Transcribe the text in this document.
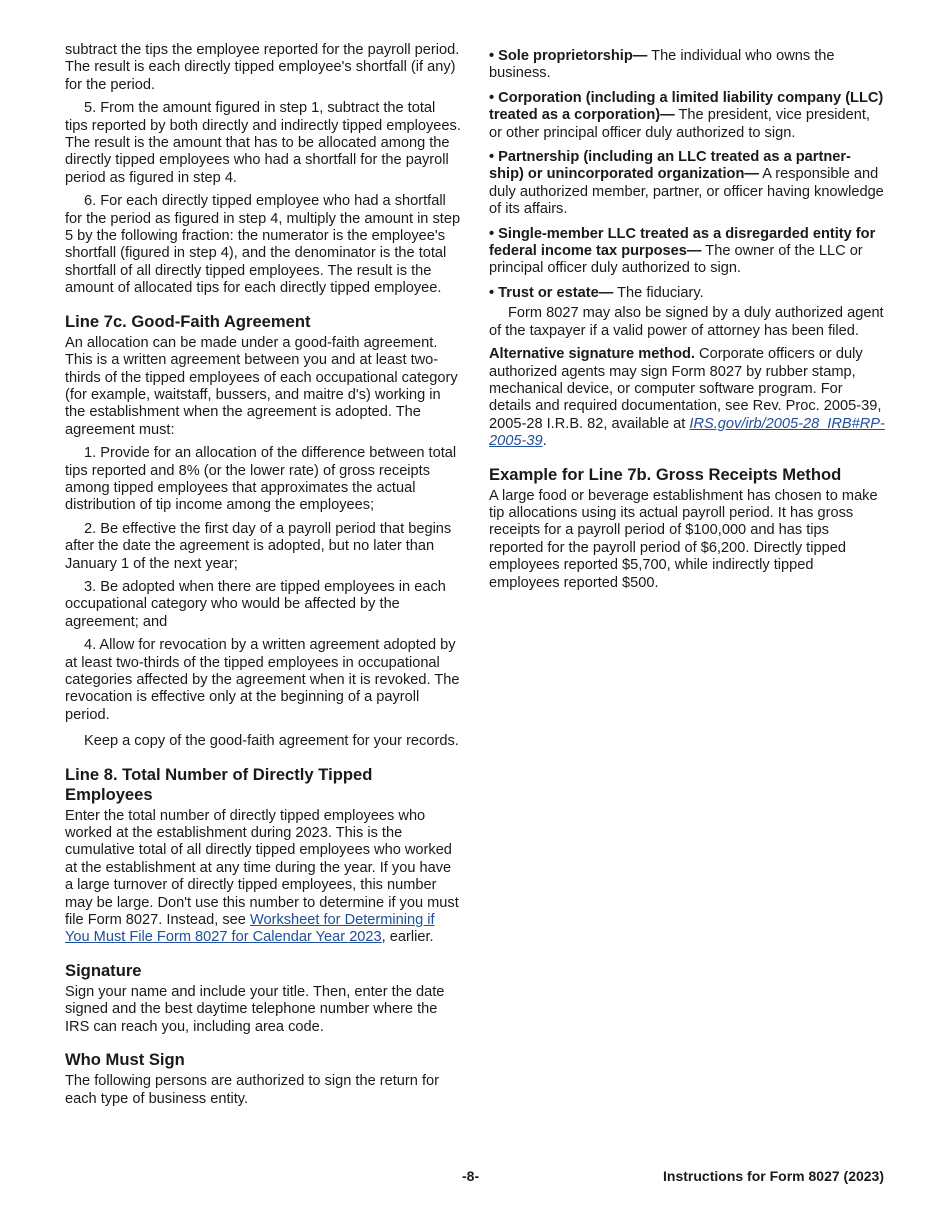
subtract the tips the employee reported for the payroll period. The result is each directly tipped employee's shortfall (if any) for the period.

5. From the amount figured in step 1, subtract the total tips reported by both directly and indirectly tipped employees. The result is the amount that has to be allocated among the directly tipped employees who had a shortfall for the payroll period as figured in step 4.

6. For each directly tipped employee who had a shortfall for the period as figured in step 4, multiply the amount in step 5 by the following fraction: the numerator is the employee's shortfall (figured in step 4), and the denominator is the total shortfall of all directly tipped employees. The result is the amount of allocated tips for each directly tipped employee.

Line 7c. Good-Faith Agreement

An allocation can be made under a good-faith agreement. This is a written agreement between you and at least two-thirds of the tipped employees of each occupational category (for example, waitstaff, bussers, and maitre d's) working in the establishment when the agreement is adopted. The agreement must:

1. Provide for an allocation of the difference between total tips reported and 8% (or the lower rate) of gross receipts among tipped employees that approximates the actual distribution of tip income among the employees;

2. Be effective the first day of a payroll period that begins after the date the agreement is adopted, but no later than January 1 of the next year;

3. Be adopted when there are tipped employees in each occupational category who would be affected by the agreement; and

4. Allow for revocation by a written agreement adopted by at least two-thirds of the tipped employees in occupational categories affected by the agreement when it is revoked. The revocation is effective only at the beginning of a payroll period.

Keep a copy of the good-faith agreement for your records.

Line 8. Total Number of Directly Tipped Employees

Enter the total number of directly tipped employees who worked at the establishment during 2023. This is the cumulative total of all directly tipped employees who worked at the establishment at any time during the year. If you have a large turnover of directly tipped employees, this number may be large. Don't use this number to determine if you must file Form 8027. Instead, see Worksheet for Determining if You Must File Form 8027 for Calendar Year 2023, earlier.

Signature

Sign your name and include your title. Then, enter the date signed and the best daytime telephone number where the IRS can reach you, including area code.

Who Must Sign

The following persons are authorized to sign the return for each type of business entity.

• Sole proprietorship— The individual who owns the business.

• Corporation (including a limited liability company (LLC) treated as a corporation)— The president, vice president, or other principal officer duly authorized to sign.

• Partnership (including an LLC treated as a partner-ship) or unincorporated organization— A responsible and duly authorized member, partner, or officer having knowledge of its affairs.

• Single-member LLC treated as a disregarded entity for federal income tax purposes— The owner of the LLC or principal officer duly authorized to sign.

• Trust or estate— The fiduciary.

Form 8027 may also be signed by a duly authorized agent of the taxpayer if a valid power of attorney has been filed.

Alternative signature method. Corporate officers or duly authorized agents may sign Form 8027 by rubber stamp, mechanical device, or computer software program. For details and required documentation, see Rev. Proc. 2005-39, 2005-28 I.R.B. 82, available at IRS.gov/irb/2005-28_IRB#RP-2005-39.

Example for Line 7b. Gross Receipts Method

A large food or beverage establishment has chosen to make tip allocations using its actual payroll period. It has gross receipts for a payroll period of $100,000 and has tips reported for the payroll period of $6,200. Directly tipped employees reported $5,700, while indirectly tipped employees reported $500.

-8-	Instructions for Form 8027 (2023)
